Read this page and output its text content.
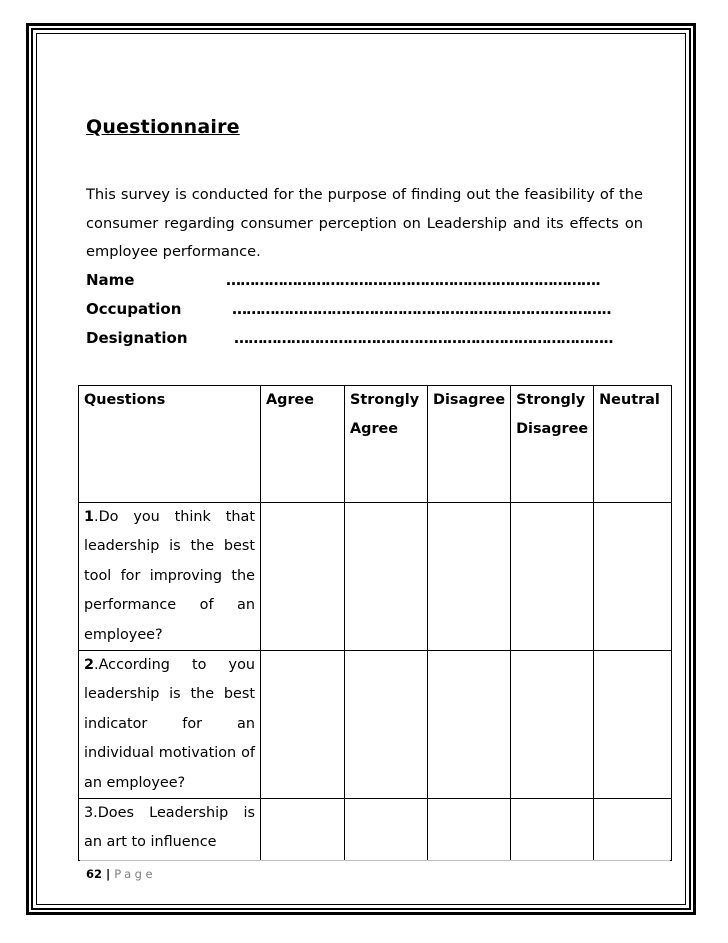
Questionnaire

This survey is conducted for the purpose of finding out the feasibility of the consumer regarding consumer perception on Leadership and its effects on employee performance.

Name	…………………………………………………………………….
Occupation	……………………………………………………………………..
Designation	……………………………………………………………………..
Questions	Agree	Strongly Agree	Disagree	Strongly Disagree	Neutral

1.Do you think that leadership is the best tool for improving the performance of an employee?					

2.According to you leadership is the best indicator for an individual motivation of an employee?					

3.Does Leadership is an art to influence					

62 | Page
